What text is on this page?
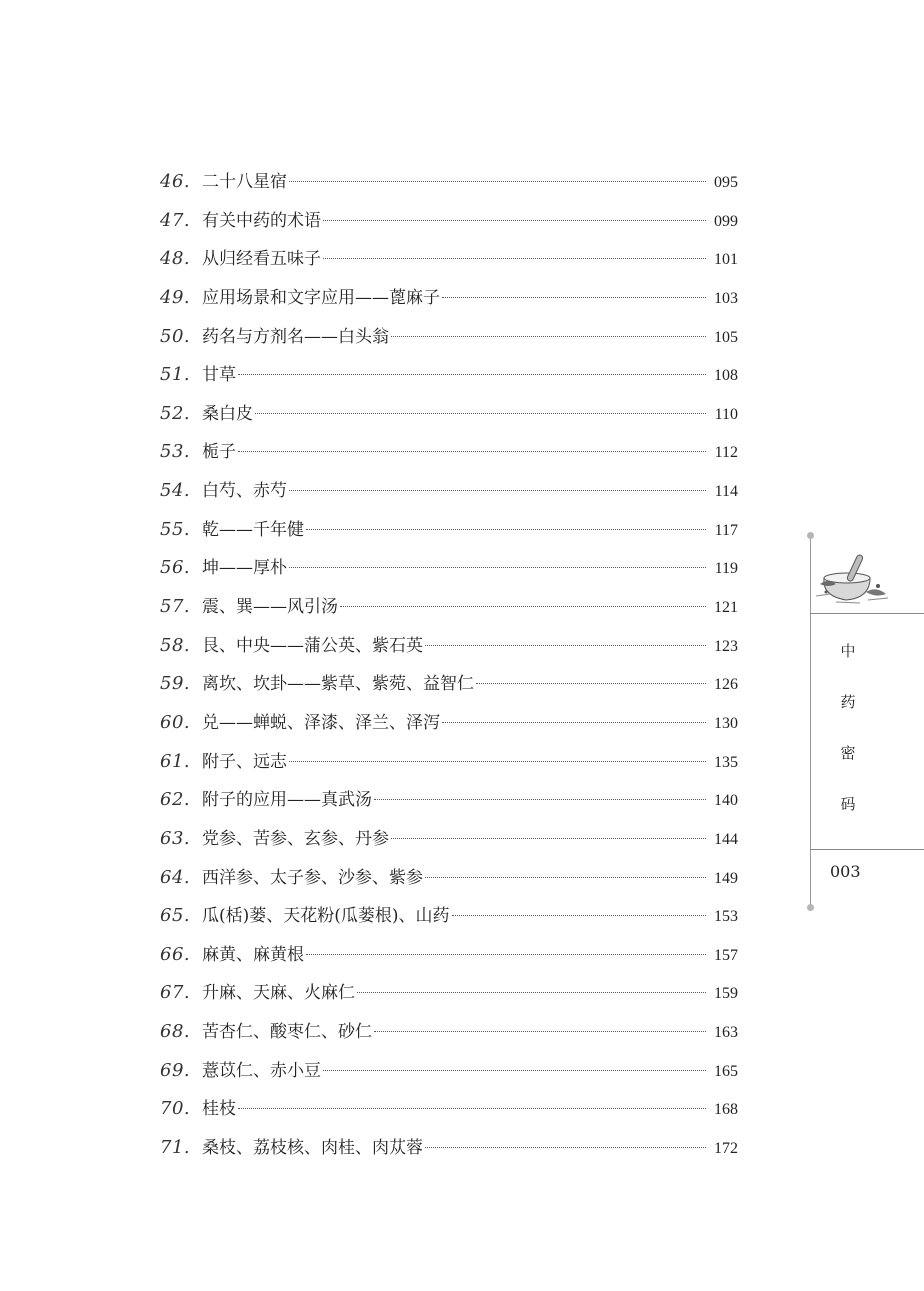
46. 二十八星宿	095
47. 有关中药的术语	099
48. 从归经看五味子	101
49. 应用场景和文字应用——蓖麻子	103
50. 药名与方剂名——白头翁	105
51. 甘草	108
52. 桑白皮	110
53. 栀子	112
54. 白芍、赤芍	114
55. 乾——千年健	117
56. 坤——厚朴	119
57. 震、巽——风引汤	121
58. 艮、中央——蒲公英、紫石英	123
59. 离坎、坎卦——紫草、紫菀、益智仁	126
60. 兑——蝉蜕、泽漆、泽兰、泽泻	130
61. 附子、远志	135
62. 附子的应用——真武汤	140
63. 党参、苦参、玄参、丹参	144
64. 西洋参、太子参、沙参、紫参	149
65. 瓜(栝)蒌、天花粉(瓜蒌根)、山药	153
66. 麻黄、麻黄根	157
67. 升麻、天麻、火麻仁	159
68. 苦杏仁、酸枣仁、砂仁	163
69. 薏苡仁、赤小豆	165
70. 桂枝	168
71. 桑枝、荔枝核、肉桂、肉苁蓉	172
中
药
密
码
003
